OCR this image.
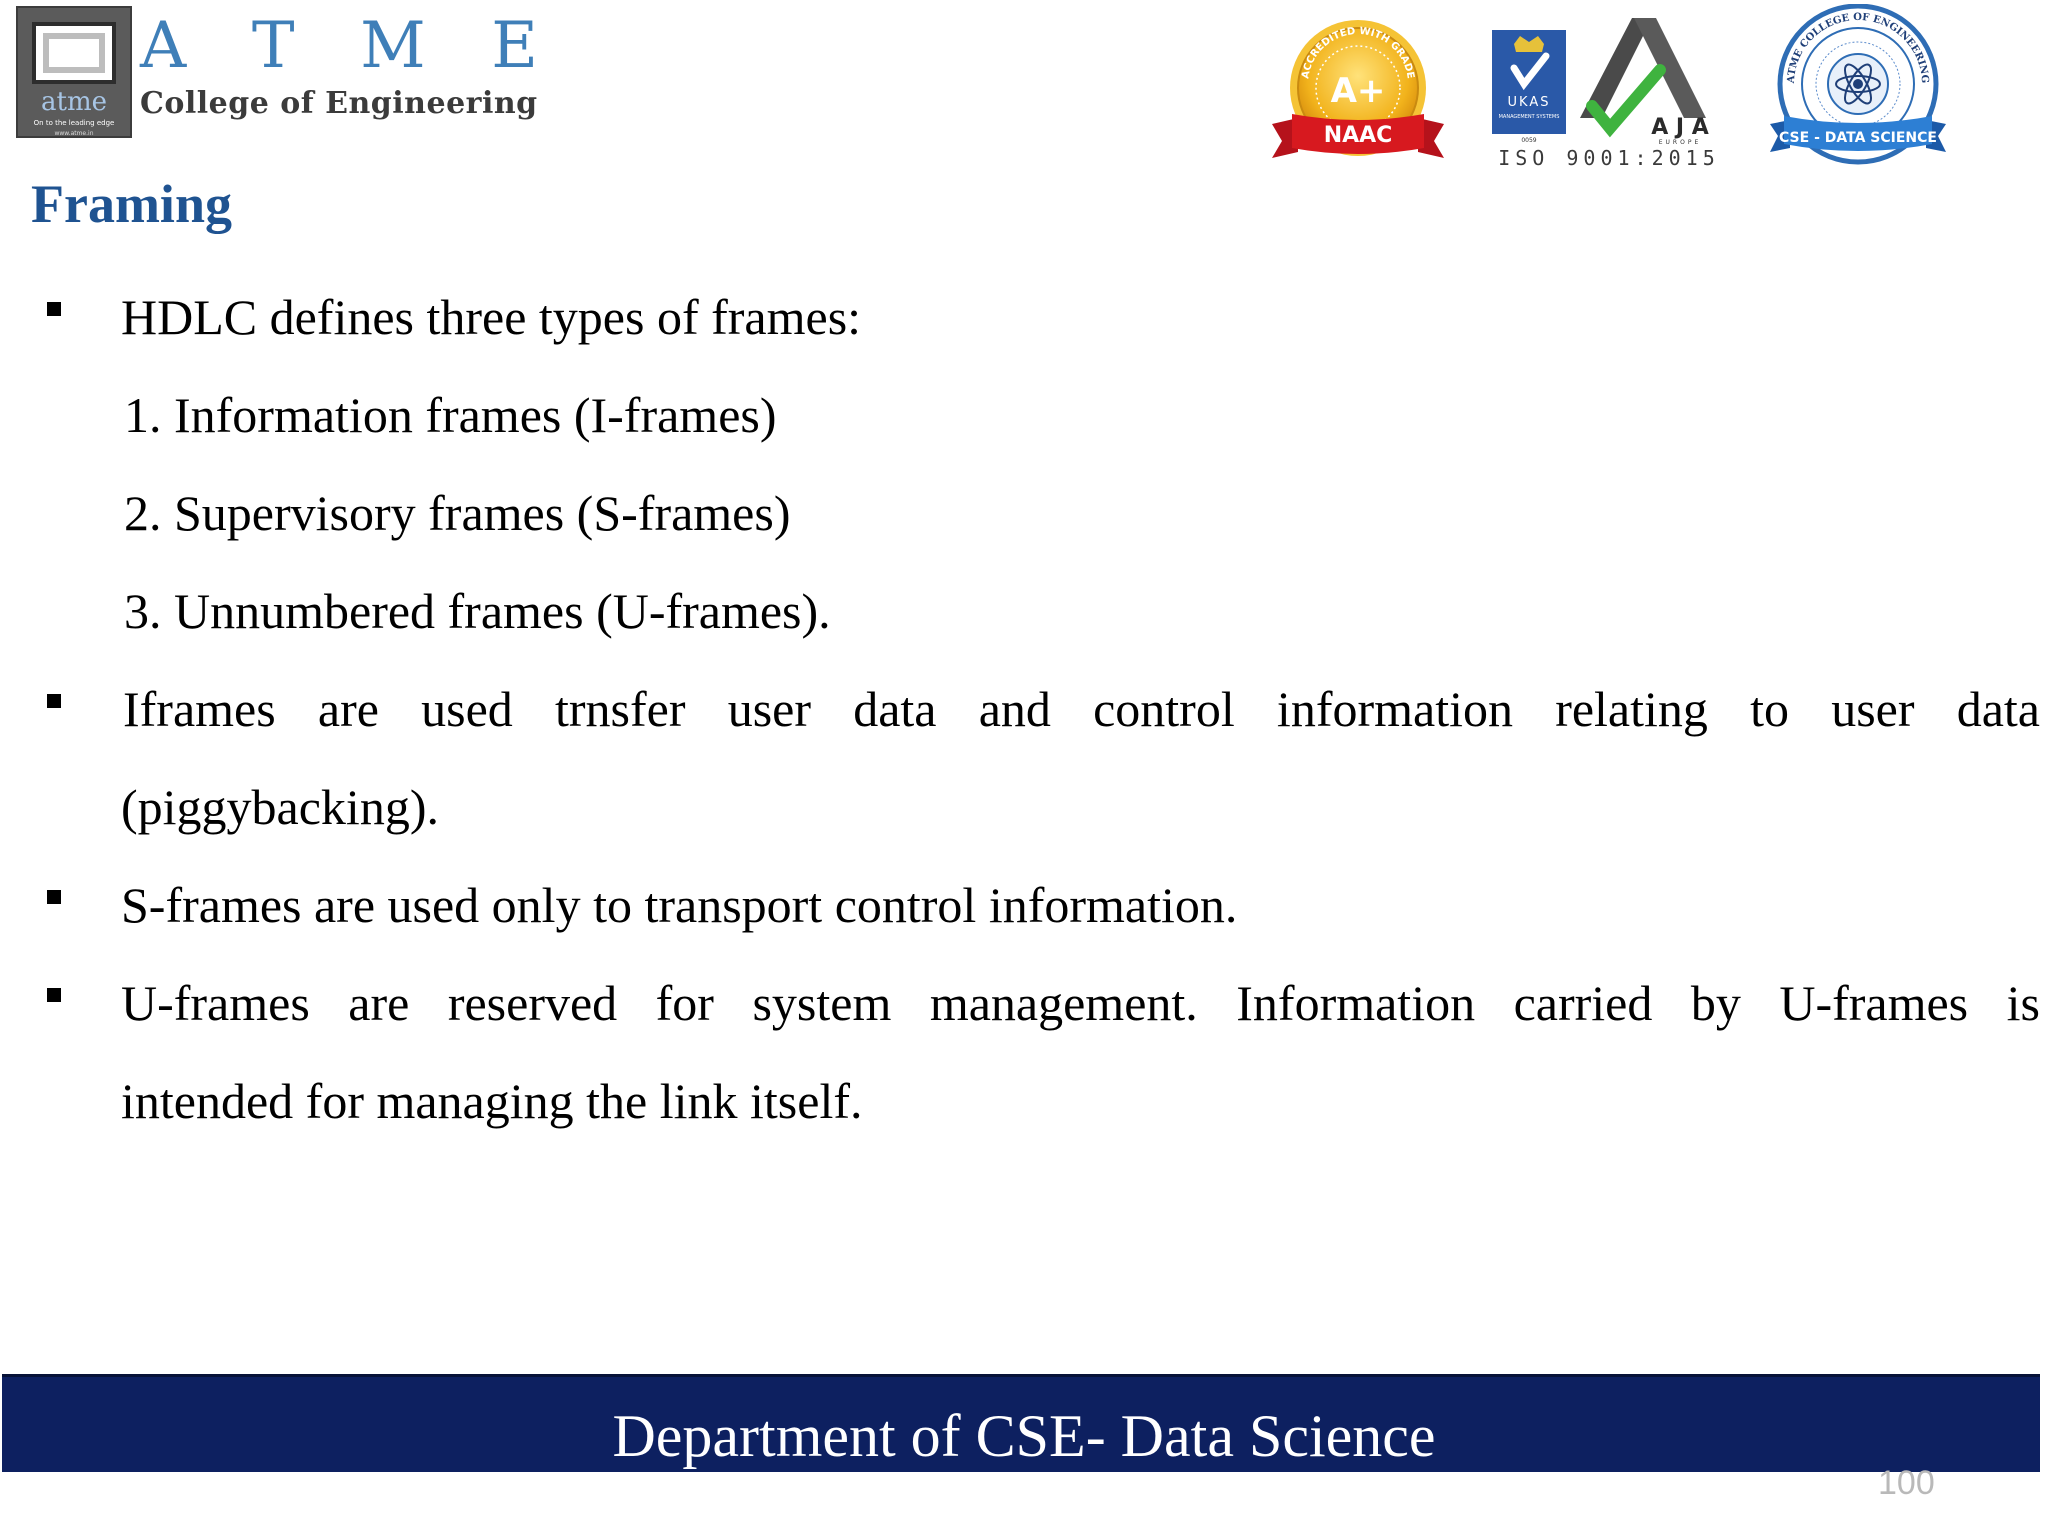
atme
On to the leading edge
www.atme.in
A T M E
College of Engineering
ACCREDITED WITH GRADE
A+
NAAC
UKAS
MANAGEMENT SYSTEMS
0059
A J A
EUROPE
ISO 9001:2015
ATME COLLEGE OF ENGINEERING
CSE - DATA SCIENCE
Framing
HDLC defines three types of frames:
1. Information frames (I-frames)
2. Supervisory frames (S-frames)
3. Unnumbered frames (U-frames).
Iframes are used trnsfer user data and control information relating to user data
(piggybacking).
S-frames are used only to transport control information.
U-frames are reserved for system management. Information carried by U-frames is
intended for managing the link itself.
100
Department of CSE- Data Science
